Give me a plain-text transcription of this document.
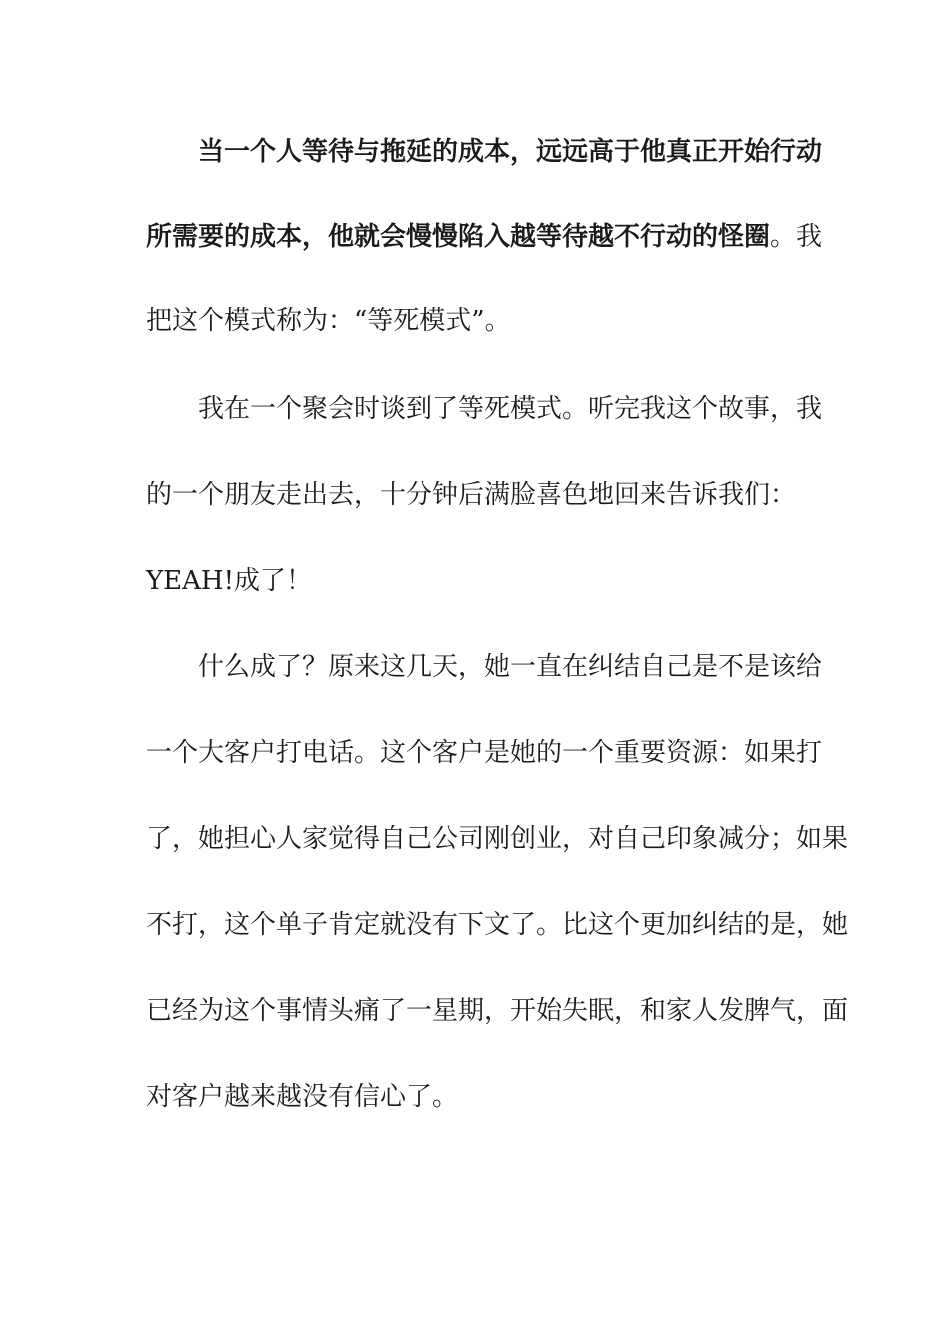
当一个人等待与拖延的成本，远远高于他真正开始行动
所需要的成本，他就会慢慢陷入越等待越不行动的怪圈。我
把这个模式称为：“等死模式”。
我在一个聚会时谈到了等死模式。听完我这个故事，我
的一个朋友走出去，十分钟后满脸喜色地回来告诉我们：
YEAH!成了！
什么成了？原来这几天，她一直在纠结自己是不是该给
一个大客户打电话。这个客户是她的一个重要资源：如果打
了，她担心人家觉得自己公司刚创业，对自己印象减分；如果
不打，这个单子肯定就没有下文了。比这个更加纠结的是，她
已经为这个事情头痛了一星期，开始失眠，和家人发脾气，面
对客户越来越没有信心了。
